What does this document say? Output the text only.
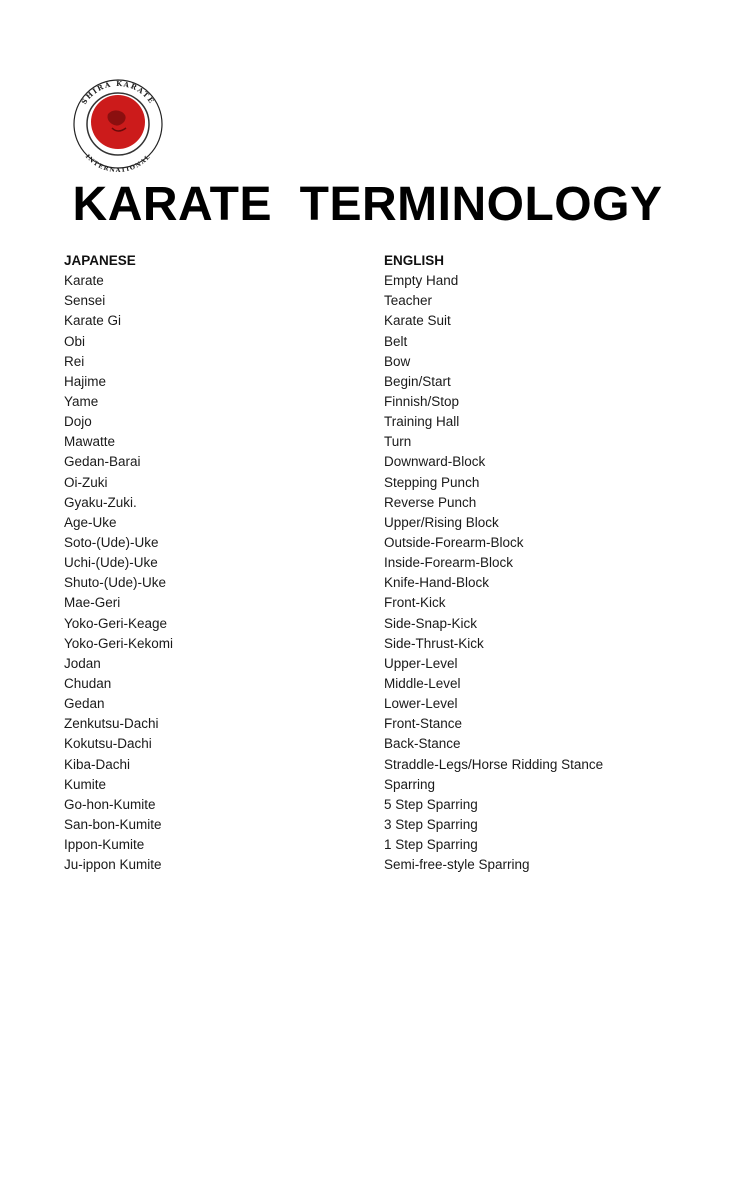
SHIRA KARATE
INTERNATIONAL
KARATE  TERMINOLOGY
JAPANESE	ENGLISH
Karate	Empty Hand
Sensei	Teacher
Karate Gi	Karate Suit
Obi	Belt
Rei	Bow
Hajime	Begin/Start
Yame	Finnish/Stop
Dojo	Training Hall
Mawatte	Turn
Gedan-Barai	Downward-Block
Oi-Zuki	Stepping Punch
Gyaku-Zuki.	Reverse Punch
Age-Uke	Upper/Rising Block
Soto-(Ude)-Uke	Outside-Forearm-Block
Uchi-(Ude)-Uke	Inside-Forearm-Block
Shuto-(Ude)-Uke	Knife-Hand-Block
Mae-Geri	Front-Kick
Yoko-Geri-Keage	Side-Snap-Kick
Yoko-Geri-Kekomi	Side-Thrust-Kick
Jodan	Upper-Level
Chudan	Middle-Level
Gedan	Lower-Level
Zenkutsu-Dachi	Front-Stance
Kokutsu-Dachi	Back-Stance
Kiba-Dachi	Straddle-Legs/Horse Ridding Stance
Kumite	Sparring
Go-hon-Kumite	5 Step Sparring
San-bon-Kumite	3 Step Sparring
Ippon-Kumite	1 Step Sparring
Ju-ippon Kumite	Semi-free-style Sparring
